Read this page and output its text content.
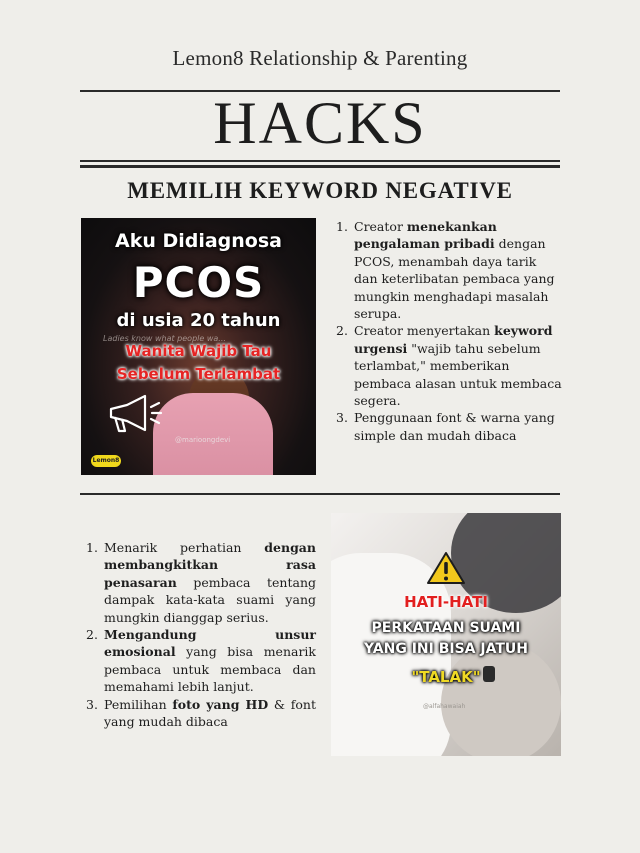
Lemon8 Relationship & Parenting
HACKS
MEMILIH KEYWORD NEGATIVE
Aku Didiagnosa
PCOS
di usia 20 tahun
Ladies know what people wa...
Wanita Wajib Tau
Sebelum Terlambat
@marioongdevi
Lemon8
1. Creator menekankan pengalaman pribadi dengan PCOS, menambah daya tarik dan keterlibatan pembaca yang mungkin menghadapi masalah serupa.
2. Creator menyertakan keyword urgensi "wajib tahu sebelum terlambat," memberikan pembaca alasan untuk membaca segera.
3. Penggunaan font & warna yang simple dan mudah dibaca
1. Menarik perhatian dengan membangkitkan rasa penasaran pembaca tentang dampak kata-kata suami yang mungkin dianggap serius.
2. Mengandung unsur emosional yang bisa menarik pembaca untuk membaca dan memahami lebih lanjut.
3. Pemilihan foto yang HD & font yang mudah dibaca
HATI-HATI
PERKATAAN SUAMI
YANG INI BISA JATUH
"TALAK"
@alfahawaiah
